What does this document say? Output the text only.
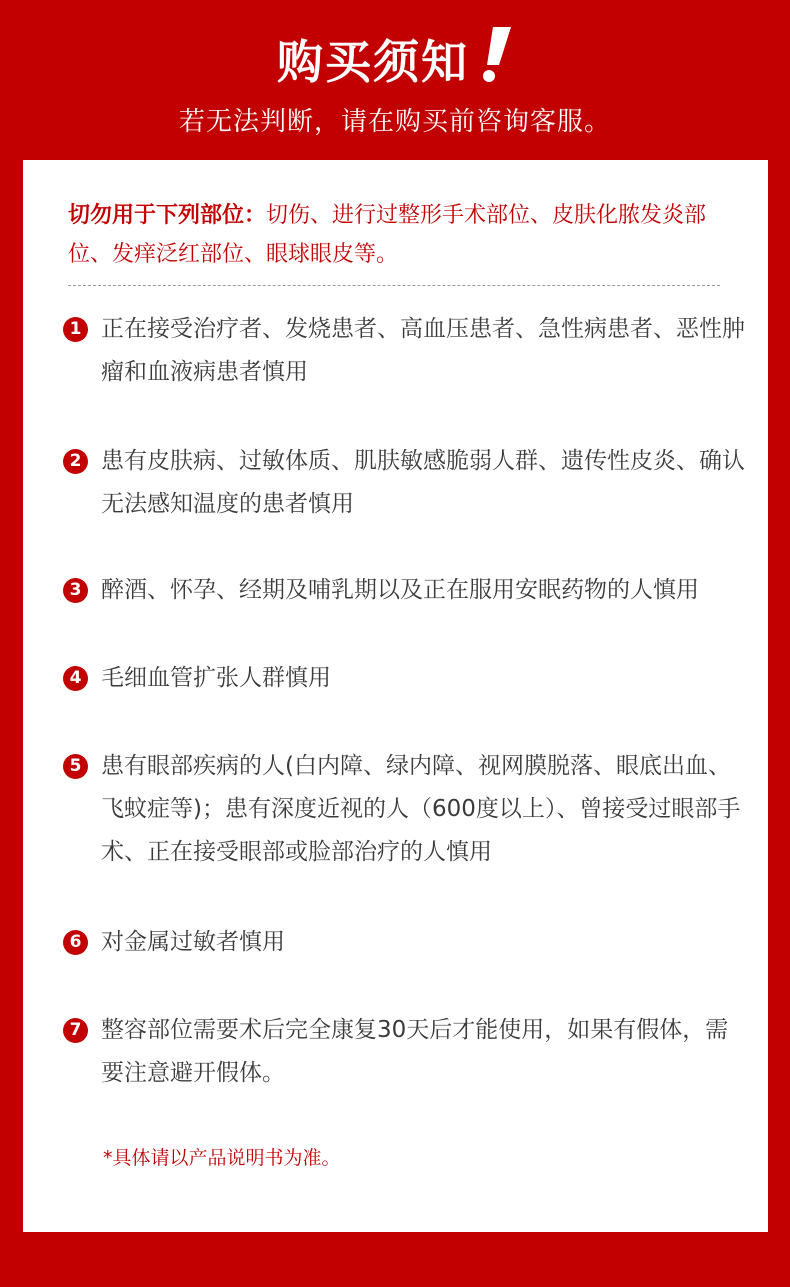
购买须知
若无法判断，请在购买前咨询客服。
切勿用于下列部位：切伤、进行过整形手术部位、皮肤化脓发炎部位、发痒泛红部位、眼球眼皮等。
1 正在接受治疗者、发烧患者、高血压患者、急性病患者、恶性肿瘤和血液病患者慎用
2 患有皮肤病、过敏体质、肌肤敏感脆弱人群、遗传性皮炎、确认无法感知温度的患者慎用
3 醉酒、怀孕、经期及哺乳期以及正在服用安眠药物的人慎用
4 毛细血管扩张人群慎用
5 患有眼部疾病的人(白内障、绿内障、视网膜脱落、眼底出血、飞蚊症等)；患有深度近视的人（600度以上）、曾接受过眼部手术、正在接受眼部或脸部治疗的人慎用
6 对金属过敏者慎用
7 整容部位需要术后完全康复30天后才能使用，如果有假体，需要注意避开假体。
*具体请以产品说明书为准。
